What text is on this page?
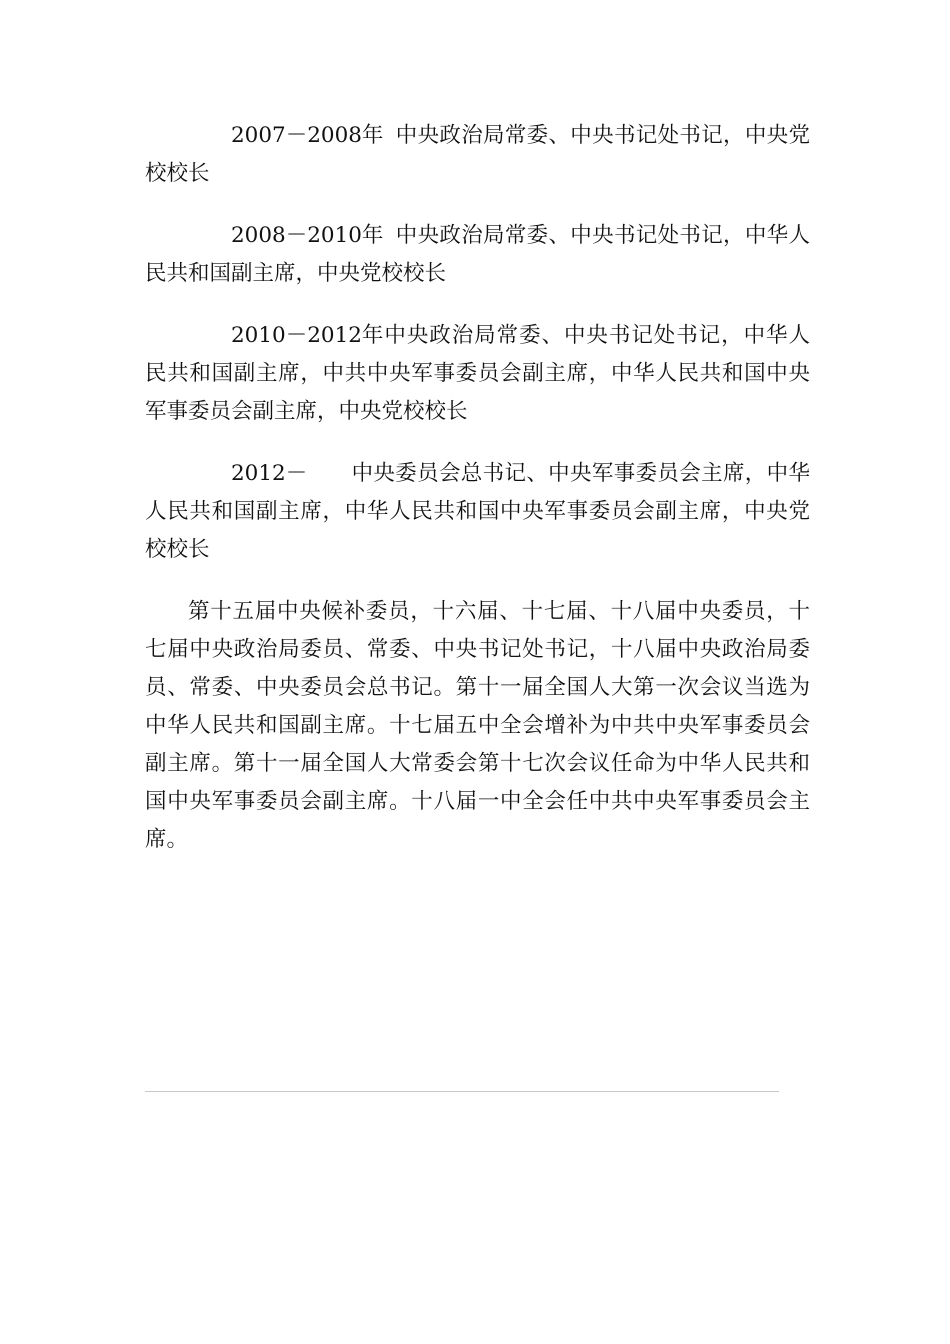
2007－2008年 中央政治局常委、中央书记处书记，中央党校校长

2008－2010年 中央政治局常委、中央书记处书记，中华人民共和国副主席，中央党校校长

2010－2012年中央政治局常委、中央书记处书记，中华人民共和国副主席，中共中央军事委员会副主席，中华人民共和国中央军事委员会副主席，中央党校校长

2012－ 中央委员会总书记、中央军事委员会主席，中华人民共和国副主席，中华人民共和国中央军事委员会副主席，中央党校校长

第十五届中央候补委员，十六届、十七届、十八届中央委员，十七届中央政治局委员、常委、中央书记处书记，十八届中央政治局委员、常委、中央委员会总书记。第十一届全国人大第一次会议当选为中华人民共和国副主席。十七届五中全会增补为中共中央军事委员会副主席。第十一届全国人大常委会第十七次会议任命为中华人民共和国中央军事委员会副主席。十八届一中全会任中共中央军事委员会主席。
